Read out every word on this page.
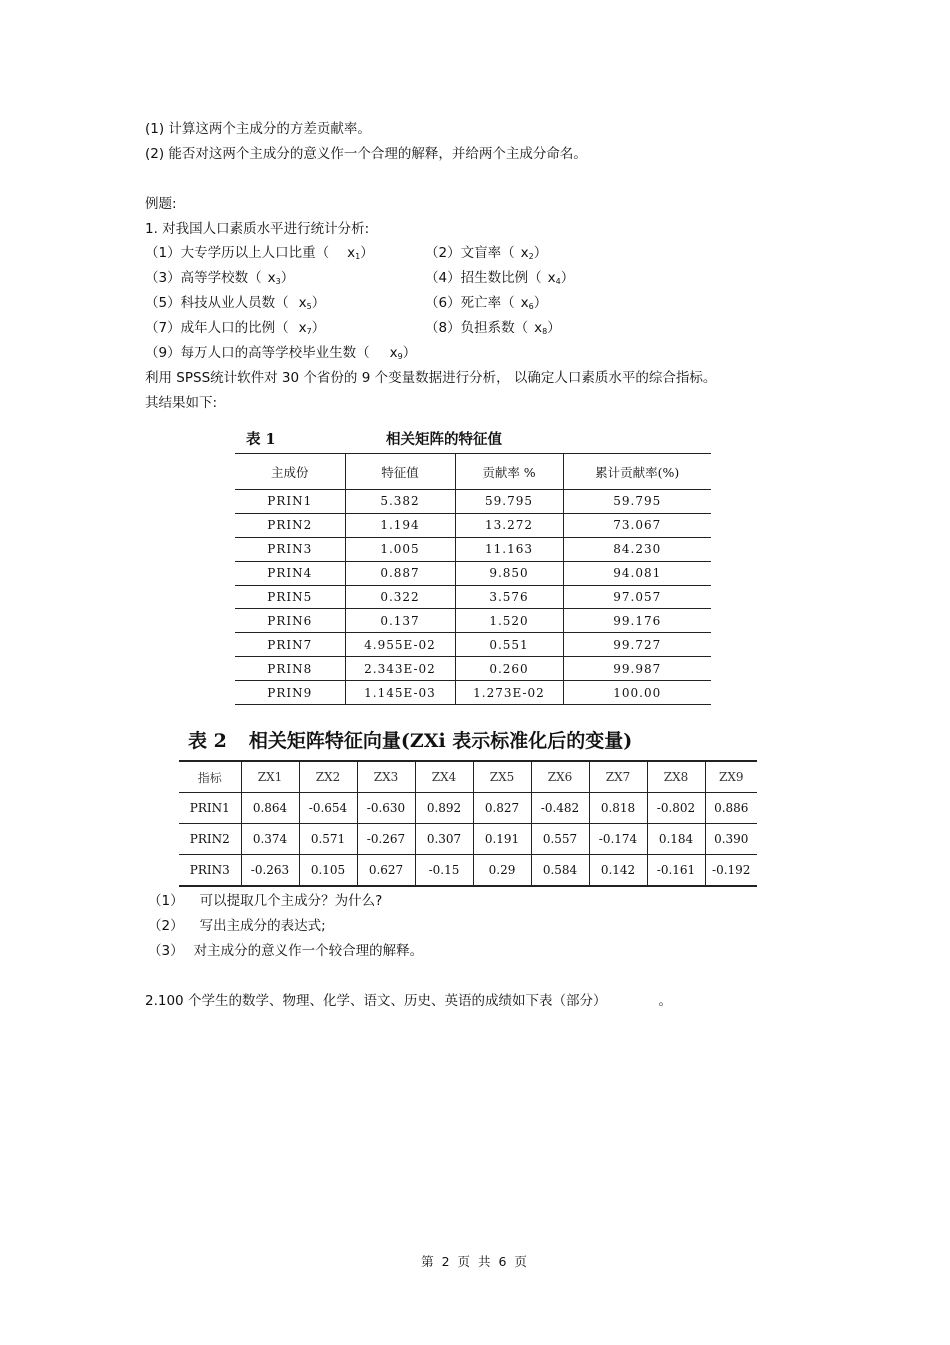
(1) 计算这两个主成分的方差贡献率。
(2) 能否对这两个主成分的意义作一个合理的解释，并给两个主成分命名。
例题:
1. 对我国人口素质水平进行统计分析:
（1）大专学历以上人口比重（ $x_1$）	（2）文盲率（ $x_2$）
（3）高等学校数（ $x_3$）	（4）招生数比例（ $x_4$）
（5）科技从业人员数（ $x_5$）	（6）死亡率（ $x_6$）
（7）成年人口的比例（ $x_7$）	（8）负担系数（ $x_8$）
（9）每万人口的高等学校毕业生数（ $x_9$）
利用 SPSS统计软件对 30 个省份的 9 个变量数据进行分析， 以确定人口素质水平的综合指标。
其结果如下:
表 1	相关矩阵的特征值
主成份	特征值	贡献率 %	累计贡献率(%)
PRIN1	5.382	59.795	59.795
PRIN2	1.194	13.272	73.067
PRIN3	1.005	11.163	84.230
PRIN4	0.887	9.850	94.081
PRIN5	0.322	3.576	97.057
PRIN6	0.137	1.520	99.176
PRIN7	4.955E-02	0.551	99.727
PRIN8	2.343E-02	0.260	99.987
PRIN9	1.145E-03	1.273E-02	100.00
表 2 相关矩阵特征向量(ZXi 表示标准化后的变量)
指标	ZX1	ZX2	ZX3	ZX4	ZX5	ZX6	ZX7	ZX8	ZX9
PRIN1	0.864	-0.654	-0.630	0.892	0.827	-0.482	0.818	-0.802	0.886
PRIN2	0.374	0.571	-0.267	0.307	0.191	0.557	-0.174	0.184	0.390
PRIN3	-0.263	0.105	0.627	-0.15	0.29	0.584	0.142	-0.161	-0.192
（1） 可以提取几个主成分？为什么?
（2） 写出主成分的表达式;
（3） 对主成分的意义作一个较合理的解释。
2.100 个学生的数学、物理、化学、语文、历史、英语的成绩如下表（部分）	。
第 2 页 共 6 页
